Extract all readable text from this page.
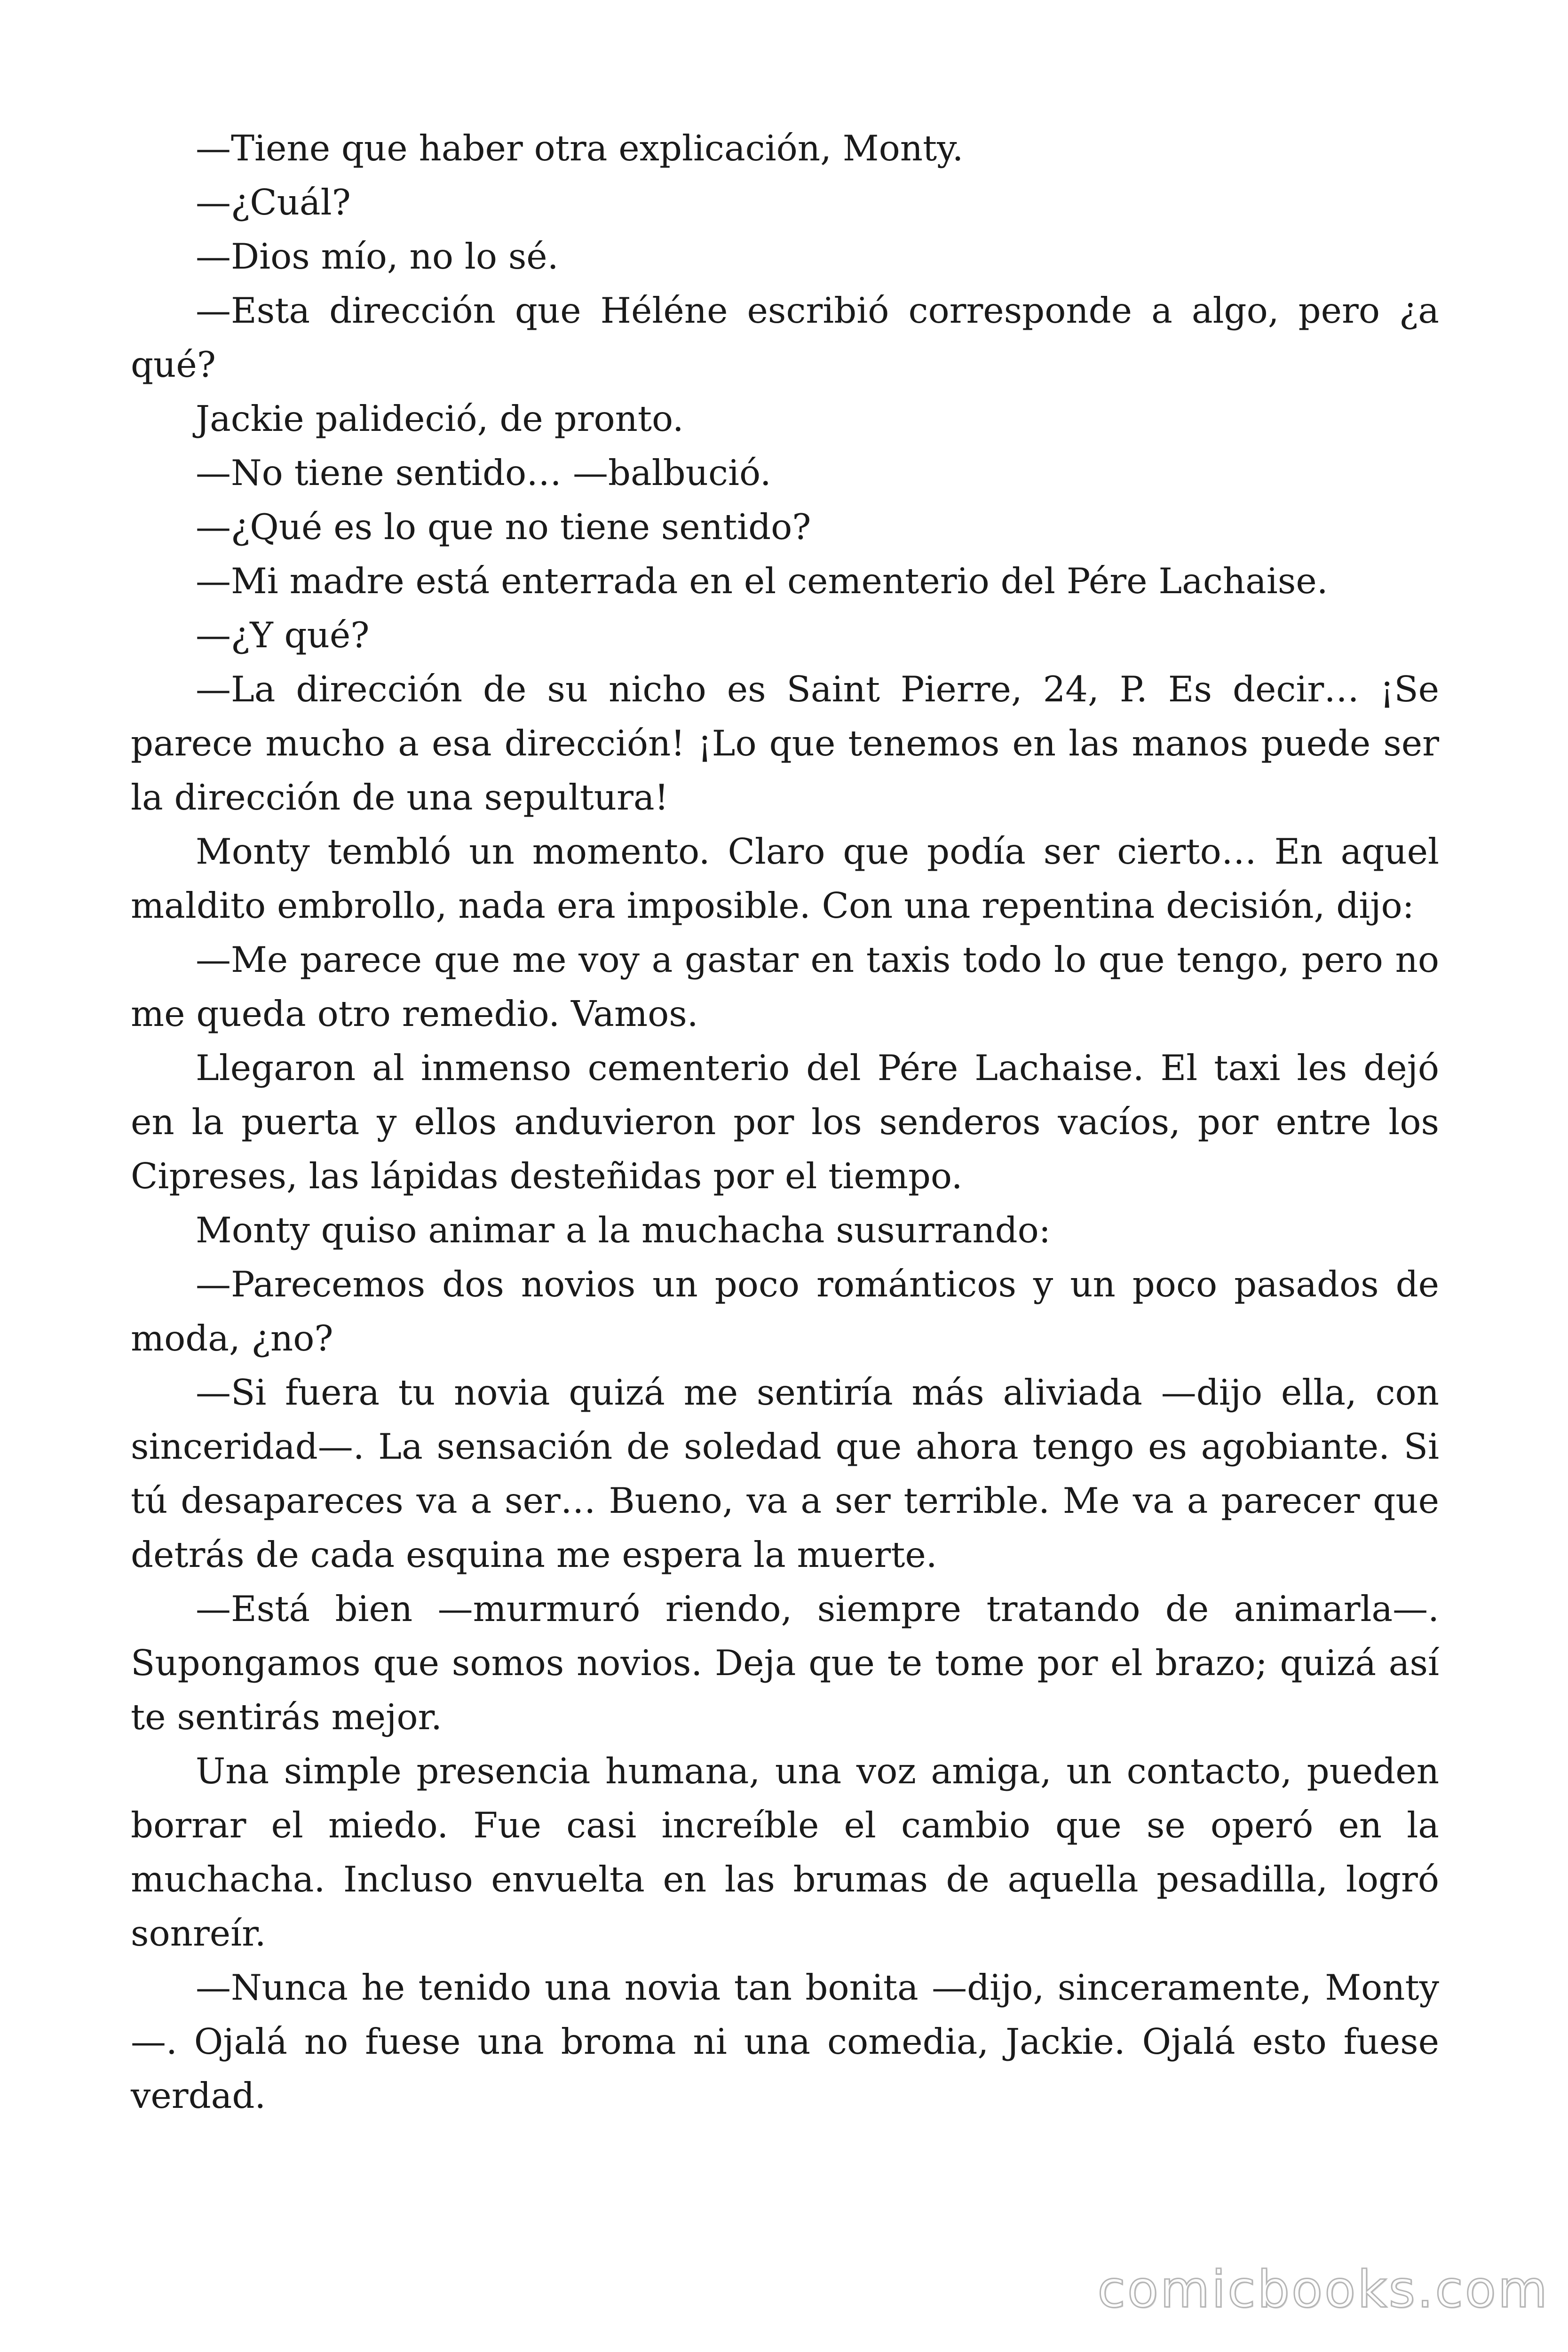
—Tiene que haber otra explicación, Monty.

—¿Cuál?

—Dios mío, no lo sé.

—Esta dirección que Héléne escribió corresponde a algo, pero ¿a qué?

Jackie palideció, de pronto.

—No tiene sentido… —balbució.

—¿Qué es lo que no tiene sentido?

—Mi madre está enterrada en el cementerio del Pére Lachaise.

—¿Y qué?

—La dirección de su nicho es Saint Pierre, 24, P. Es decir… ¡Se parece mucho a esa dirección! ¡Lo que tenemos en las manos puede ser la dirección de una sepultura!

Monty tembló un momento. Claro que podía ser cierto… En aquel maldito embrollo, nada era imposible. Con una repentina decisión, dijo:

—Me parece que me voy a gastar en taxis todo lo que tengo, pero no me queda otro remedio. Vamos.

Llegaron al inmenso cementerio del Pére Lachaise. El taxi les dejó en la puerta y ellos anduvieron por los senderos vacíos, por entre los Cipreses, las lápidas desteñidas por el tiempo.

Monty quiso animar a la muchacha susurrando:

—Parecemos dos novios un poco románticos y un poco pasados de moda, ¿no?

—Si fuera tu novia quizá me sentiría más aliviada —dijo ella, con sinceridad—. La sensación de soledad que ahora tengo es agobiante. Si tú desapareces va a ser… Bueno, va a ser terrible. Me va a parecer que detrás de cada esquina me espera la muerte.

—Está bien —murmuró riendo, siempre tratando de animarla—. Supongamos que somos novios. Deja que te tome por el brazo; quizá así te sentirás mejor.

Una simple presencia humana, una voz amiga, un contacto, pueden borrar el miedo. Fue casi increíble el cambio que se operó en la muchacha. Incluso envuelta en las brumas de aquella pesadilla, logró sonreír.

—Nunca he tenido una novia tan bonita —dijo, sinceramente, Monty—. Ojalá no fuese una broma ni una comedia, Jackie. Ojalá esto fuese verdad.

comicbooks.com
